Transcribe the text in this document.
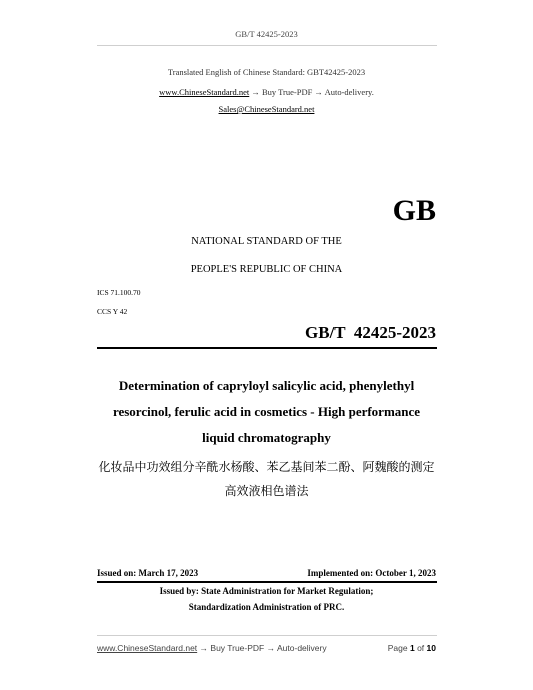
GB/T 42425-2023
Translated English of Chinese Standard: GBT42425-2023
www.ChineseStandard.net → Buy True-PDF → Auto-delivery.
Sales@ChineseStandard.net
GB
NATIONAL STANDARD OF THE
PEOPLE'S REPUBLIC OF CHINA
ICS 71.100.70
CCS Y 42
GB/T  42425-2023
Determination of capryloyl salicylic acid, phenylethyl
resorcinol, ferulic acid in cosmetics - High performance
liquid chromatography
化妆品中功效组分辛酰水杨酸、苯乙基间苯二酚、阿魏酸的测定
高效液相色谱法
Issued on: March 17, 2023	Implemented on: October 1, 2023
Issued by: State Administration for Market Regulation;
Standardization Administration of PRC.
www.ChineseStandard.net → Buy True-PDF → Auto-delivery	Page 1 of 10
